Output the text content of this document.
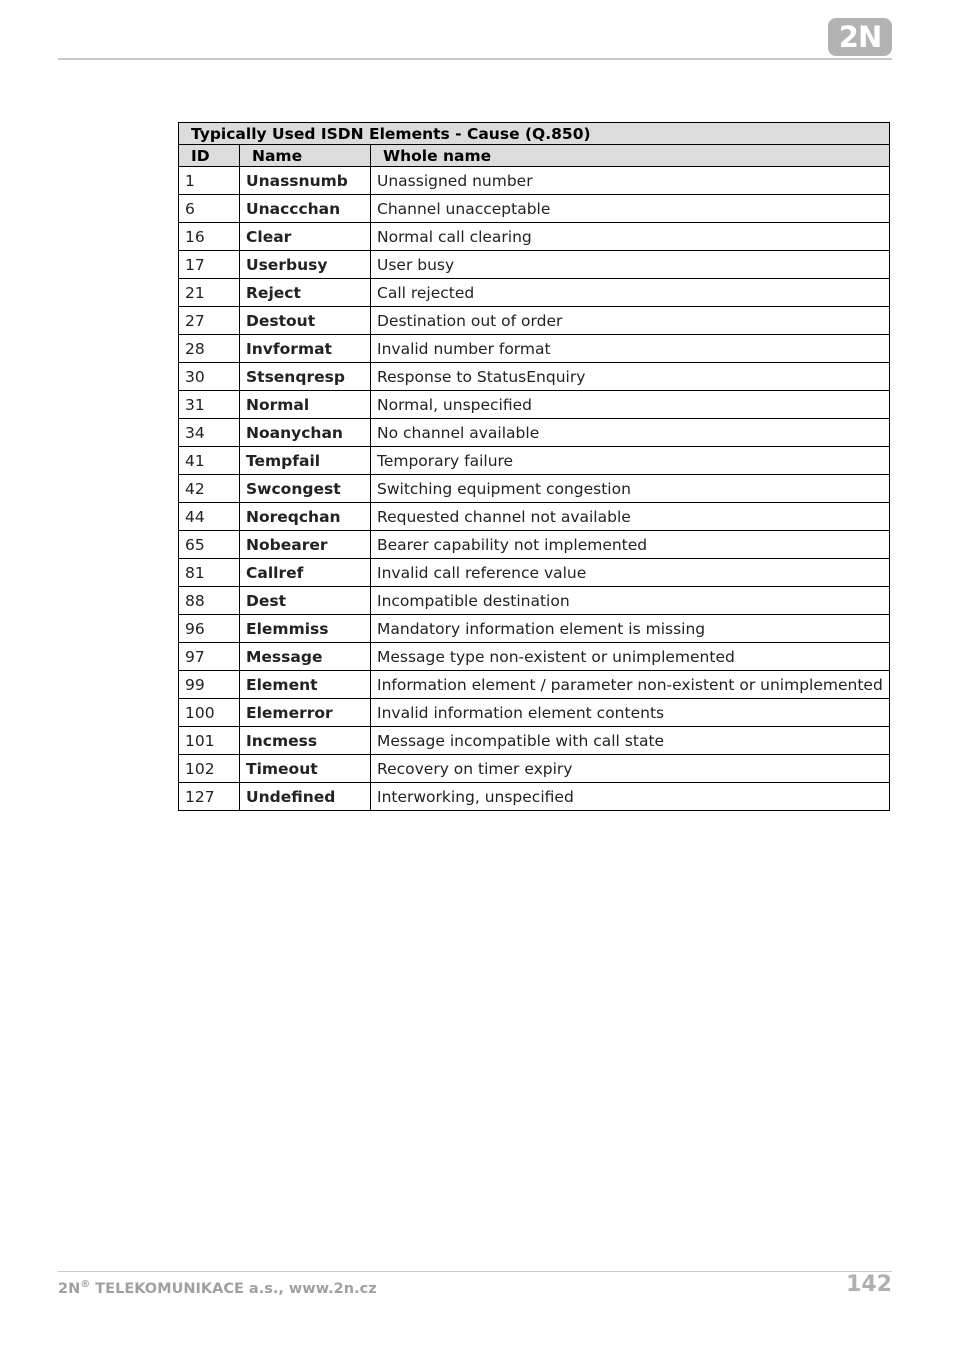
2N
Typically Used ISDN Elements - Cause (Q.850)		
ID	Name	Whole name
1	Unassnumb	Unassigned number
6	Unaccchan	Channel unacceptable
16	Clear	Normal call clearing
17	Userbusy	User busy
21	Reject	Call rejected
27	Destout	Destination out of order
28	Invformat	Invalid number format
30	Stsenqresp	Response to StatusEnquiry
31	Normal	Normal, unspecified
34	Noanychan	No channel available
41	Tempfail	Temporary failure
42	Swcongest	Switching equipment congestion
44	Noreqchan	Requested channel not available
65	Nobearer	Bearer capability not implemented
81	Callref	Invalid call reference value
88	Dest	Incompatible destination
96	Elemmiss	Mandatory information element is missing
97	Message	Message type non-existent or unimplemented
99	Element	Information element / parameter non-existent or unimplemented
100	Elemerror	Invalid information element contents
101	Incmess	Message incompatible with call state
102	Timeout	Recovery on timer expiry
127	Undefined	Interworking, unspecified
2N® TELEKOMUNIKACE a.s., www.2n.cz	142
